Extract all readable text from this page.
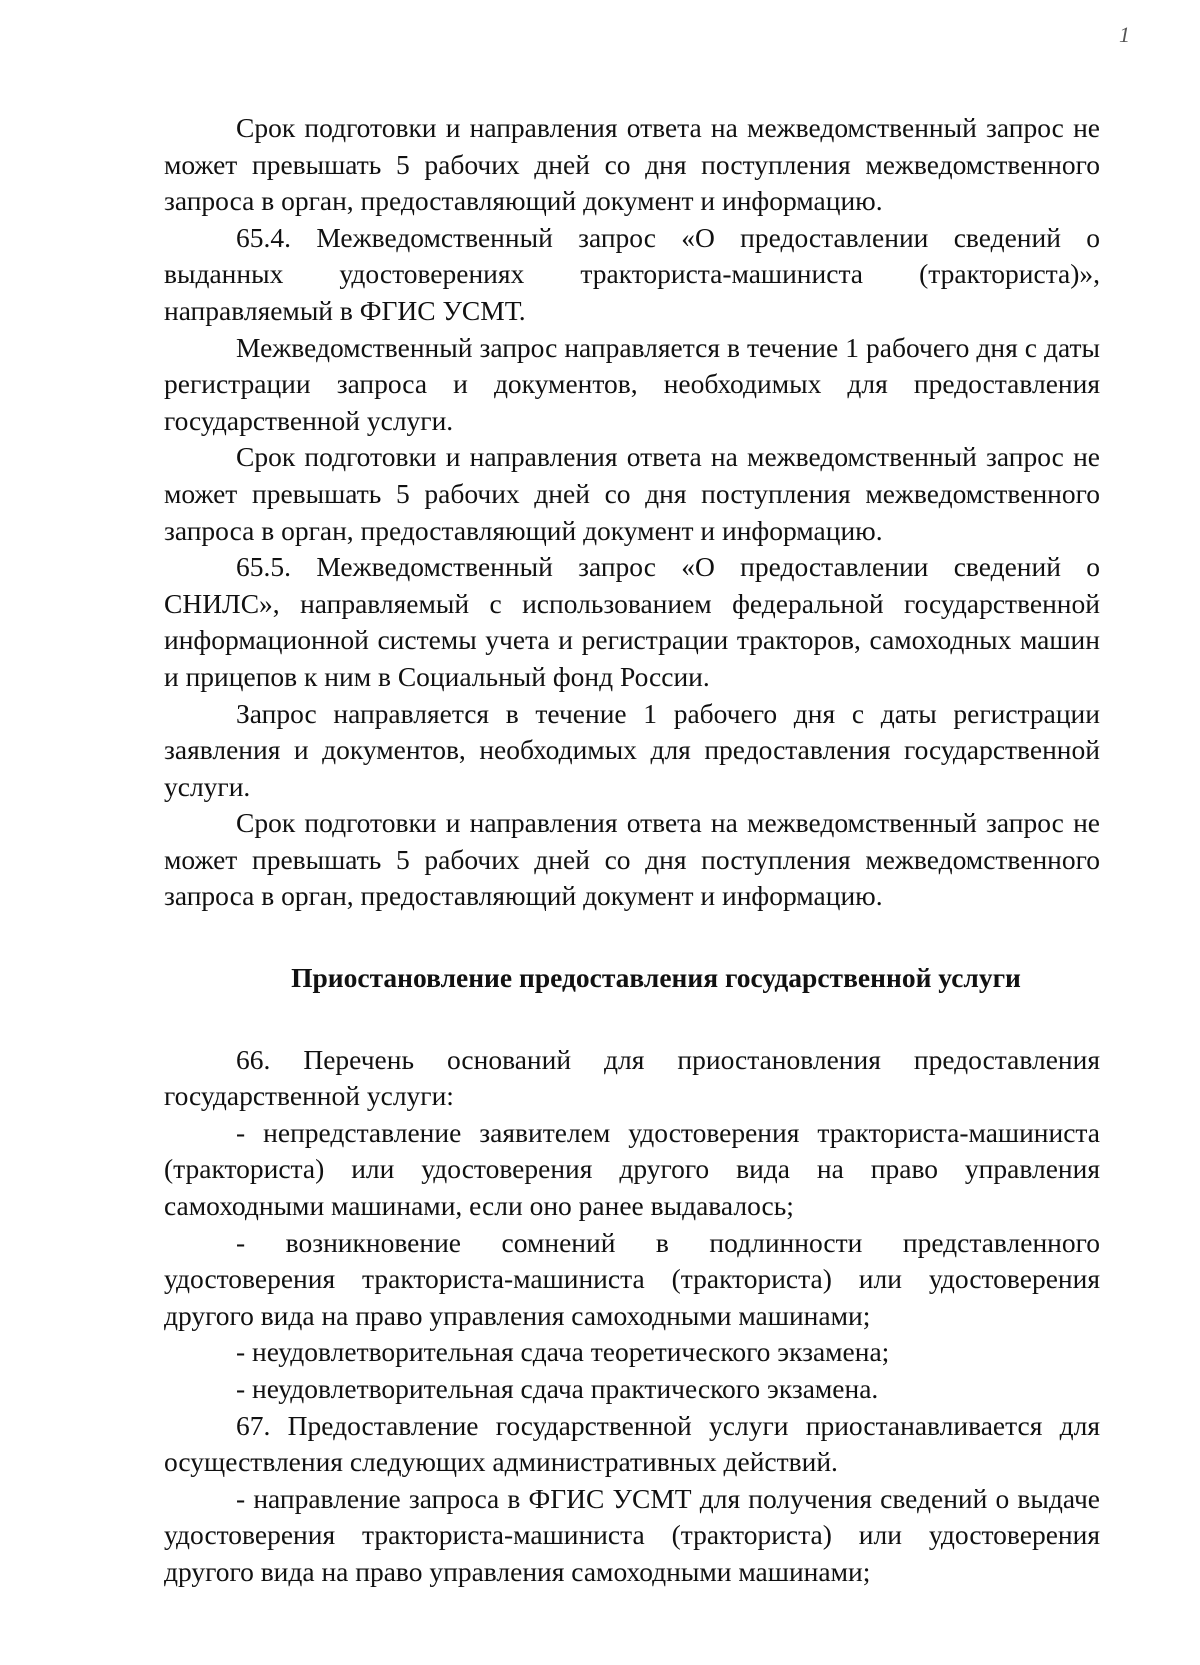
1

Срок подготовки и направления ответа на межведомственный запрос не может превышать 5 рабочих дней со дня поступления межведомственного запроса в орган, предоставляющий документ и информацию.

65.4. Межведомственный запрос «О предоставлении сведений о выданных удостоверениях тракториста-машиниста (тракториста)», направляемый в ФГИС УСМТ.

Межведомственный запрос направляется в течение 1 рабочего дня с даты регистрации запроса и документов, необходимых для предоставления государственной услуги.

Срок подготовки и направления ответа на межведомственный запрос не может превышать 5 рабочих дней со дня поступления межведомственного запроса в орган, предоставляющий документ и информацию.

65.5. Межведомственный запрос «О предоставлении сведений о СНИЛС», направляемый с использованием федеральной государственной информационной системы учета и регистрации тракторов, самоходных машин и прицепов к ним в Социальный фонд России.

Запрос направляется в течение 1 рабочего дня с даты регистрации заявления и документов, необходимых для предоставления государственной услуги.

Срок подготовки и направления ответа на межведомственный запрос не может превышать 5 рабочих дней со дня поступления межведомственного запроса в орган, предоставляющий документ и информацию.

Приостановление предоставления государственной услуги

66. Перечень оснований для приостановления предоставления государственной услуги:

- непредставление заявителем удостоверения тракториста-машиниста (тракториста) или удостоверения другого вида на право управления самоходными машинами, если оно ранее выдавалось;

- возникновение сомнений в подлинности представленного удостоверения тракториста-машиниста (тракториста) или удостоверения другого вида на право управления самоходными машинами;

- неудовлетворительная сдача теоретического экзамена;

- неудовлетворительная сдача практического экзамена.

67. Предоставление государственной услуги приостанавливается для осуществления следующих административных действий.

- направление запроса в ФГИС УСМТ для получения сведений о выдаче удостоверения тракториста-машиниста (тракториста) или удостоверения другого вида на право управления самоходными машинами;
